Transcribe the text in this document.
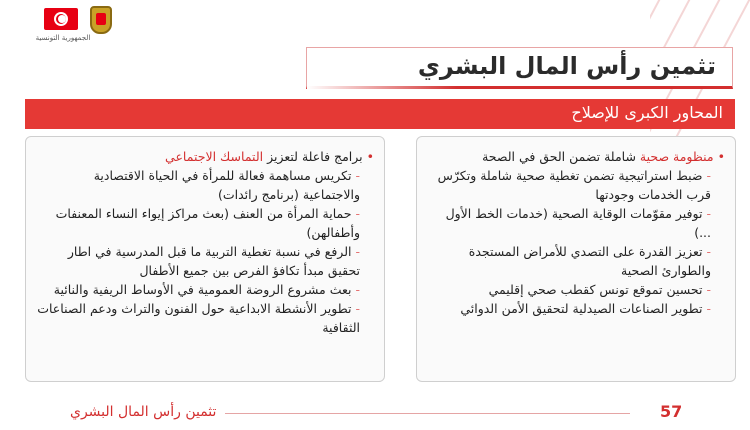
الجمهورية التونسية
تثمين رأس المال البشري
المحاور الكبرى للإصلاح
•منظومة صحية شاملة تضمن الحق في الصحة
-ضبط استراتيجية تضمن تغطية صحية شاملة وتكرّس قرب الخدمات وجودتها
-توفير مقوّمات الوقاية الصحية (خدمات الخط الأول ...)
-تعزيز القدرة على التصدي للأمراض المستجدة والطوارئ الصحية
-تحسين تموقع تونس كقطب صحي إقليمي
-تطوير الصناعات الصيدلية لتحقيق الأمن الدوائي
•برامج فاعلة لتعزيز التماسك الاجتماعي
-تكريس مساهمة فعالة للمرأة في الحياة الاقتصادية والاجتماعية (برنامج رائدات)
-حماية المرأة من العنف (بعث مراكز إيواء النساء المعنفات وأطفالهن)
-الرفع في نسبة تغطية التربية ما قبل المدرسية في اطار تحقيق مبدأ تكافؤ الفرص بين جميع الأطفال
-بعث مشروع الروضة العمومية في الأوساط الريفية والنائية
-تطوير الأنشطة الابداعية حول الفنون والتراث ودعم الصناعات الثقافية
تثمين رأس المال البشري	57
